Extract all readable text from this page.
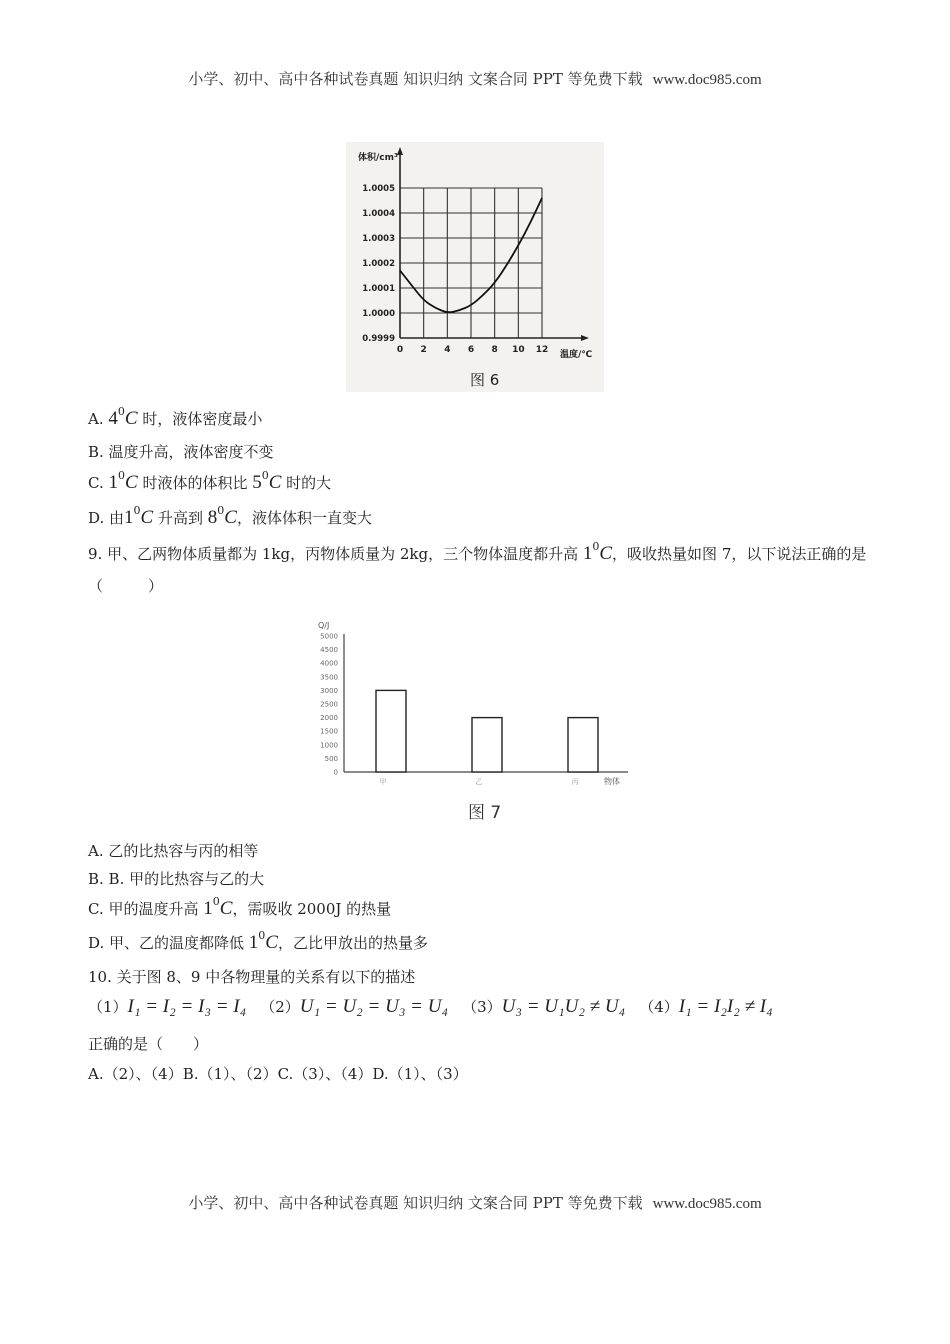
小学、初中、高中各种试卷真题 知识归纳 文案合同 PPT 等免费下载 www.doc985.com
0.9999
1.0000
1.0001
1.0002
1.0003
1.0004
1.0005
0 2 4 6 8 10 12
体积/cm³
温度/℃
图 6
A. $4^0C$ 时，液体密度最小
B. 温度升高，液体密度不变
C. $1^0C$ 时液体的体积比 $5^0C$ 时的大
D. 由$1^0C$ 升高到 $8^0C$，液体体积一直变大
9. 甲、乙两物体质量都为 1kg，丙物体质量为 2kg，三个物体温度都升高 $1^0C$，吸收热量如图 7，以下说法正确的是（　　　）
Q/J
0
500
1000
1500
2000
2500
3000
3500
4000
4500
5000
甲	乙	丙	物体
图 7
A. 乙的比热容与丙的相等
B. B. 甲的比热容与乙的大
C. 甲的温度升高 $1^0C$，需吸收 2000J 的热量
D. 甲、乙的温度都降低 $1^0C$，乙比甲放出的热量多
10. 关于图 8、9 中各物理量的关系有以下的描述
（1）I₁ = I₂ = I₃ = I₄ （2）U₁ = U₂ = U₃ = U₄ （3）U₃ = U₁U₂ ≠ U₄ （4）I₁ = I₂I₂ ≠ I₄
正确的是（　　）
A.（2）、（4）B.（1）、（2）C.（3）、（4）D.（1）、（3）
小学、初中、高中各种试卷真题 知识归纳 文案合同 PPT 等免费下载 www.doc985.com
